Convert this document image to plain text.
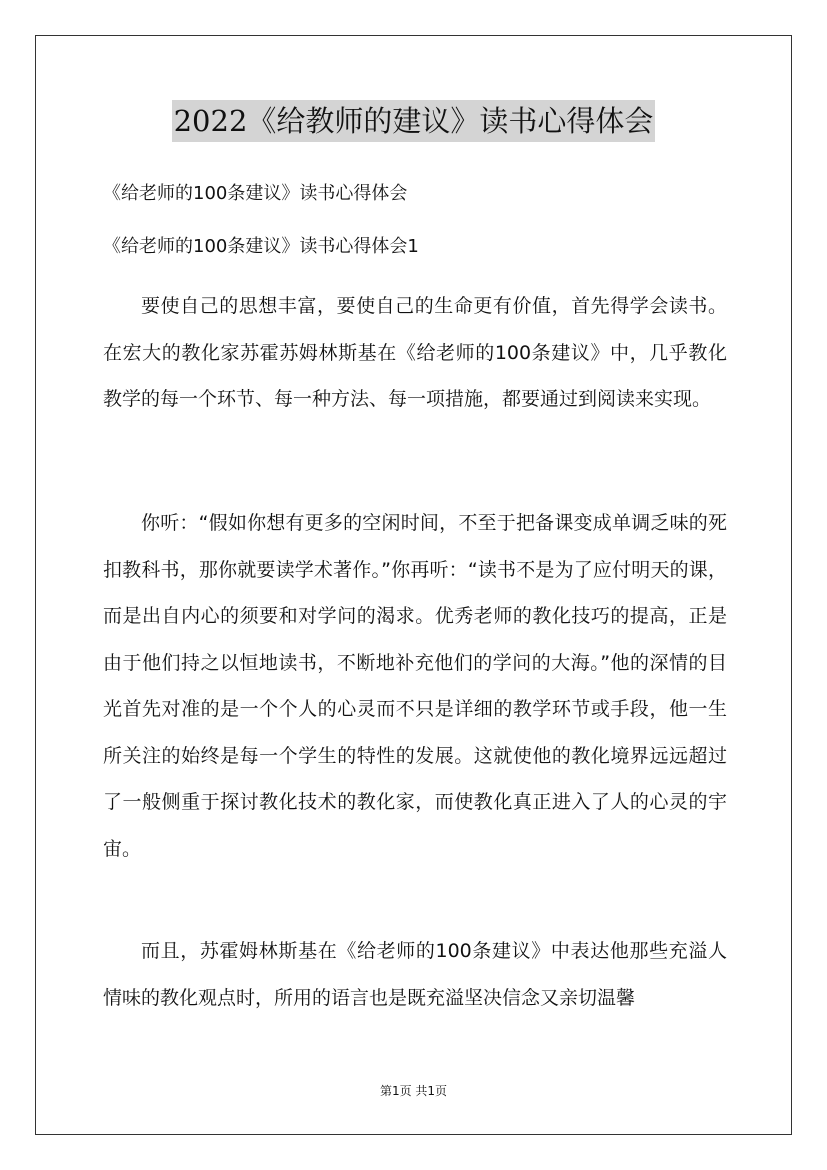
2022《给教师的建议》读书心得体会
《给老师的100条建议》读书心得体会
《给老师的100条建议》读书心得体会1

要使自己的思想丰富，要使自己的生命更有价值，首先得学会读书。在宏大的教化家苏霍苏姆林斯基在《给老师的100条建议》中，几乎教化教学的每一个环节、每一种方法、每一项措施，都要通过到阅读来实现。

你听：“假如你想有更多的空闲时间，不至于把备课变成单调乏味的死扣教科书，那你就要读学术著作。”你再听：“读书不是为了应付明天的课，而是出自内心的须要和对学问的渴求。优秀老师的教化技巧的提高，正是由于他们持之以恒地读书，不断地补充他们的学问的大海。”他的深情的目光首先对准的是一个个人的心灵而不只是详细的教学环节或手段，他一生所关注的始终是每一个学生的特性的发展。这就使他的教化境界远远超过了一般侧重于探讨教化技术的教化家，而使教化真正进入了人的心灵的宇宙。

而且，苏霍姆林斯基在《给老师的100条建议》中表达他那些充溢人情味的教化观点时，所用的语言也是既充溢坚决信念又亲切温馨

第1页 共1页
